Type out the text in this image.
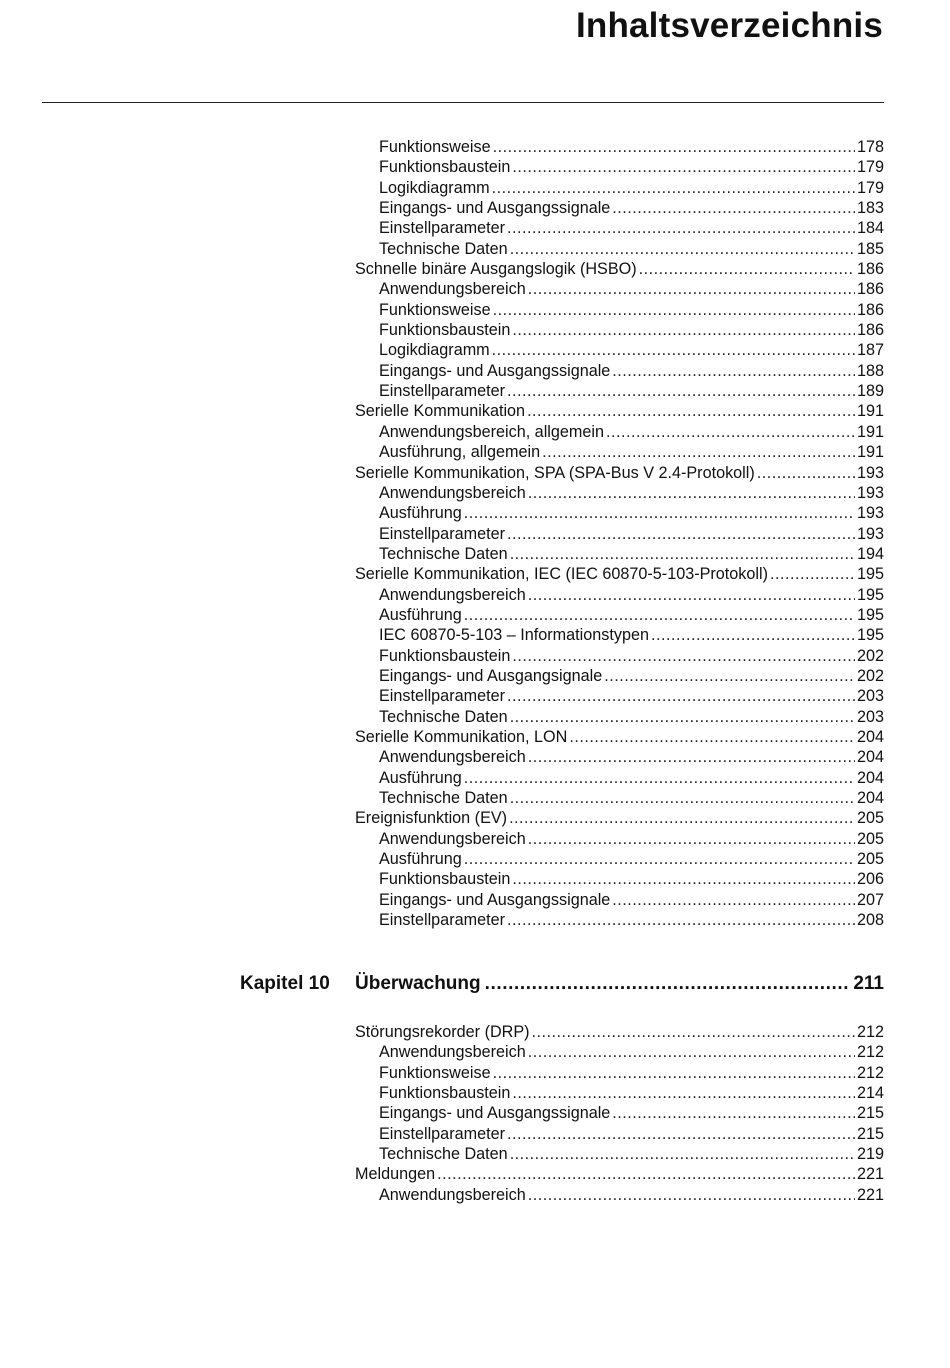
Inhaltsverzeichnis
Funktionsweise .....	178
Funktionsbaustein .....	179
Logikdiagramm .....	179
Eingangs- und Ausgangssignale .....	183
Einstellparameter .....	184
Technische Daten .....	185
Schnelle binäre Ausgangslogik (HSBO) .....	186
Anwendungsbereich .....	186
Funktionsweise .....	186
Funktionsbaustein .....	186
Logikdiagramm .....	187
Eingangs- und Ausgangssignale .....	188
Einstellparameter .....	189
Serielle Kommunikation .....	191
Anwendungsbereich, allgemein .....	191
Ausführung, allgemein .....	191
Serielle Kommunikation, SPA (SPA-Bus V 2.4-Protokoll) .....	193
Anwendungsbereich .....	193
Ausführung .....	193
Einstellparameter .....	193
Technische Daten .....	194
Serielle Kommunikation, IEC (IEC 60870-5-103-Protokoll) .....	195
Anwendungsbereich .....	195
Ausführung .....	195
IEC 60870-5-103 – Informationstypen .....	195
Funktionsbaustein .....	202
Eingangs- und Ausgangsignale .....	202
Einstellparameter .....	203
Technische Daten .....	203
Serielle Kommunikation, LON .....	204
Anwendungsbereich .....	204
Ausführung .....	204
Technische Daten .....	204
Ereignisfunktion (EV) .....	205
Anwendungsbereich .....	205
Ausführung .....	205
Funktionsbaustein .....	206
Eingangs- und Ausgangssignale .....	207
Einstellparameter .....	208
Kapitel 10	Überwachung .....	211
Störungsrekorder (DRP) .....	212
Anwendungsbereich .....	212
Funktionsweise .....	212
Funktionsbaustein .....	214
Eingangs- und Ausgangssignale .....	215
Einstellparameter .....	215
Technische Daten .....	219
Meldungen .....	221
Anwendungsbereich .....	221
